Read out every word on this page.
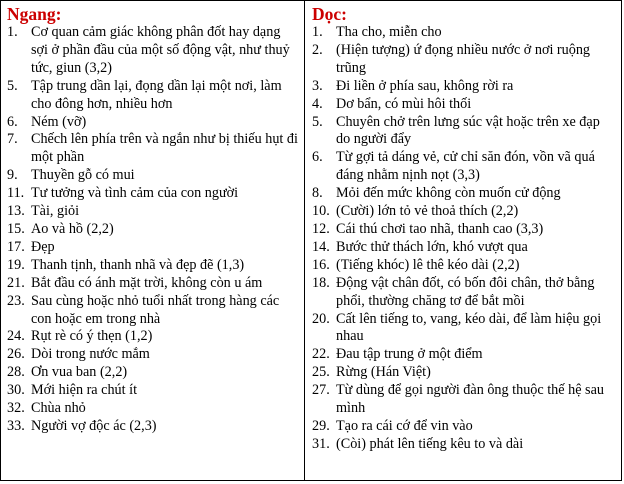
Ngang:
1. Cơ quan cảm giác không phân đốt hay dạng sợi ở phần đầu của một số động vật, như thuỷ tức, giun (3,2)
5. Tập trung dần lại, đọng dần lại một nơi, làm cho đông hơn, nhiều hơn
6. Ném (vỡ)
7. Chếch lên phía trên và ngắn như bị thiếu hụt đi một phần
9. Thuyền gỗ có mui
11. Tư tưởng và tình cảm của con người
13. Tài, giỏi
15. Ao và hồ (2,2)
17. Đẹp
19. Thanh tịnh, thanh nhã và đẹp đẽ (1,3)
21. Bắt đầu có ánh mặt trời, không còn u ám
23. Sau cùng hoặc nhỏ tuổi nhất trong hàng các con hoặc em trong nhà
24. Rụt rè có ý thẹn (1,2)
26. Dòi trong nước mắm
28. Ơn vua ban (2,2)
30. Mới hiện ra chút ít
32. Chùa nhỏ
33. Người vợ độc ác (2,3)
Dọc:
1. Tha cho, miễn cho
2. (Hiện tượng) ứ đọng nhiều nước ở nơi ruộng trũng
3. Đi liền ở phía sau, không rời ra
4. Dơ bẩn, có mùi hôi thối
5. Chuyên chở trên lưng súc vật hoặc trên xe đạp do người đẩy
6. Từ gợi tả dáng vẻ, cử chỉ săn đón, vồn vã quá đáng nhằm nịnh nọt (3,3)
8. Mỏi đến mức không còn muốn cử động
10. (Cười) lớn tỏ vẻ thoả thích (2,2)
12. Cái thú chơi tao nhã, thanh cao (3,3)
14. Bước thử thách lớn, khó vượt qua
16. (Tiếng khóc) lê thê kéo dài (2,2)
18. Động vật chân đốt, có bốn đôi chân, thở bằng phổi, thường chăng tơ để bắt mồi
20. Cất lên tiếng to, vang, kéo dài, để làm hiệu gọi nhau
22. Đau tập trung ở một điểm
25. Rừng (Hán Việt)
27. Từ dùng để gọi người đàn ông thuộc thế hệ sau mình
29. Tạo ra cái cớ để vin vào
31. (Còi) phát lên tiếng kêu to và dài
